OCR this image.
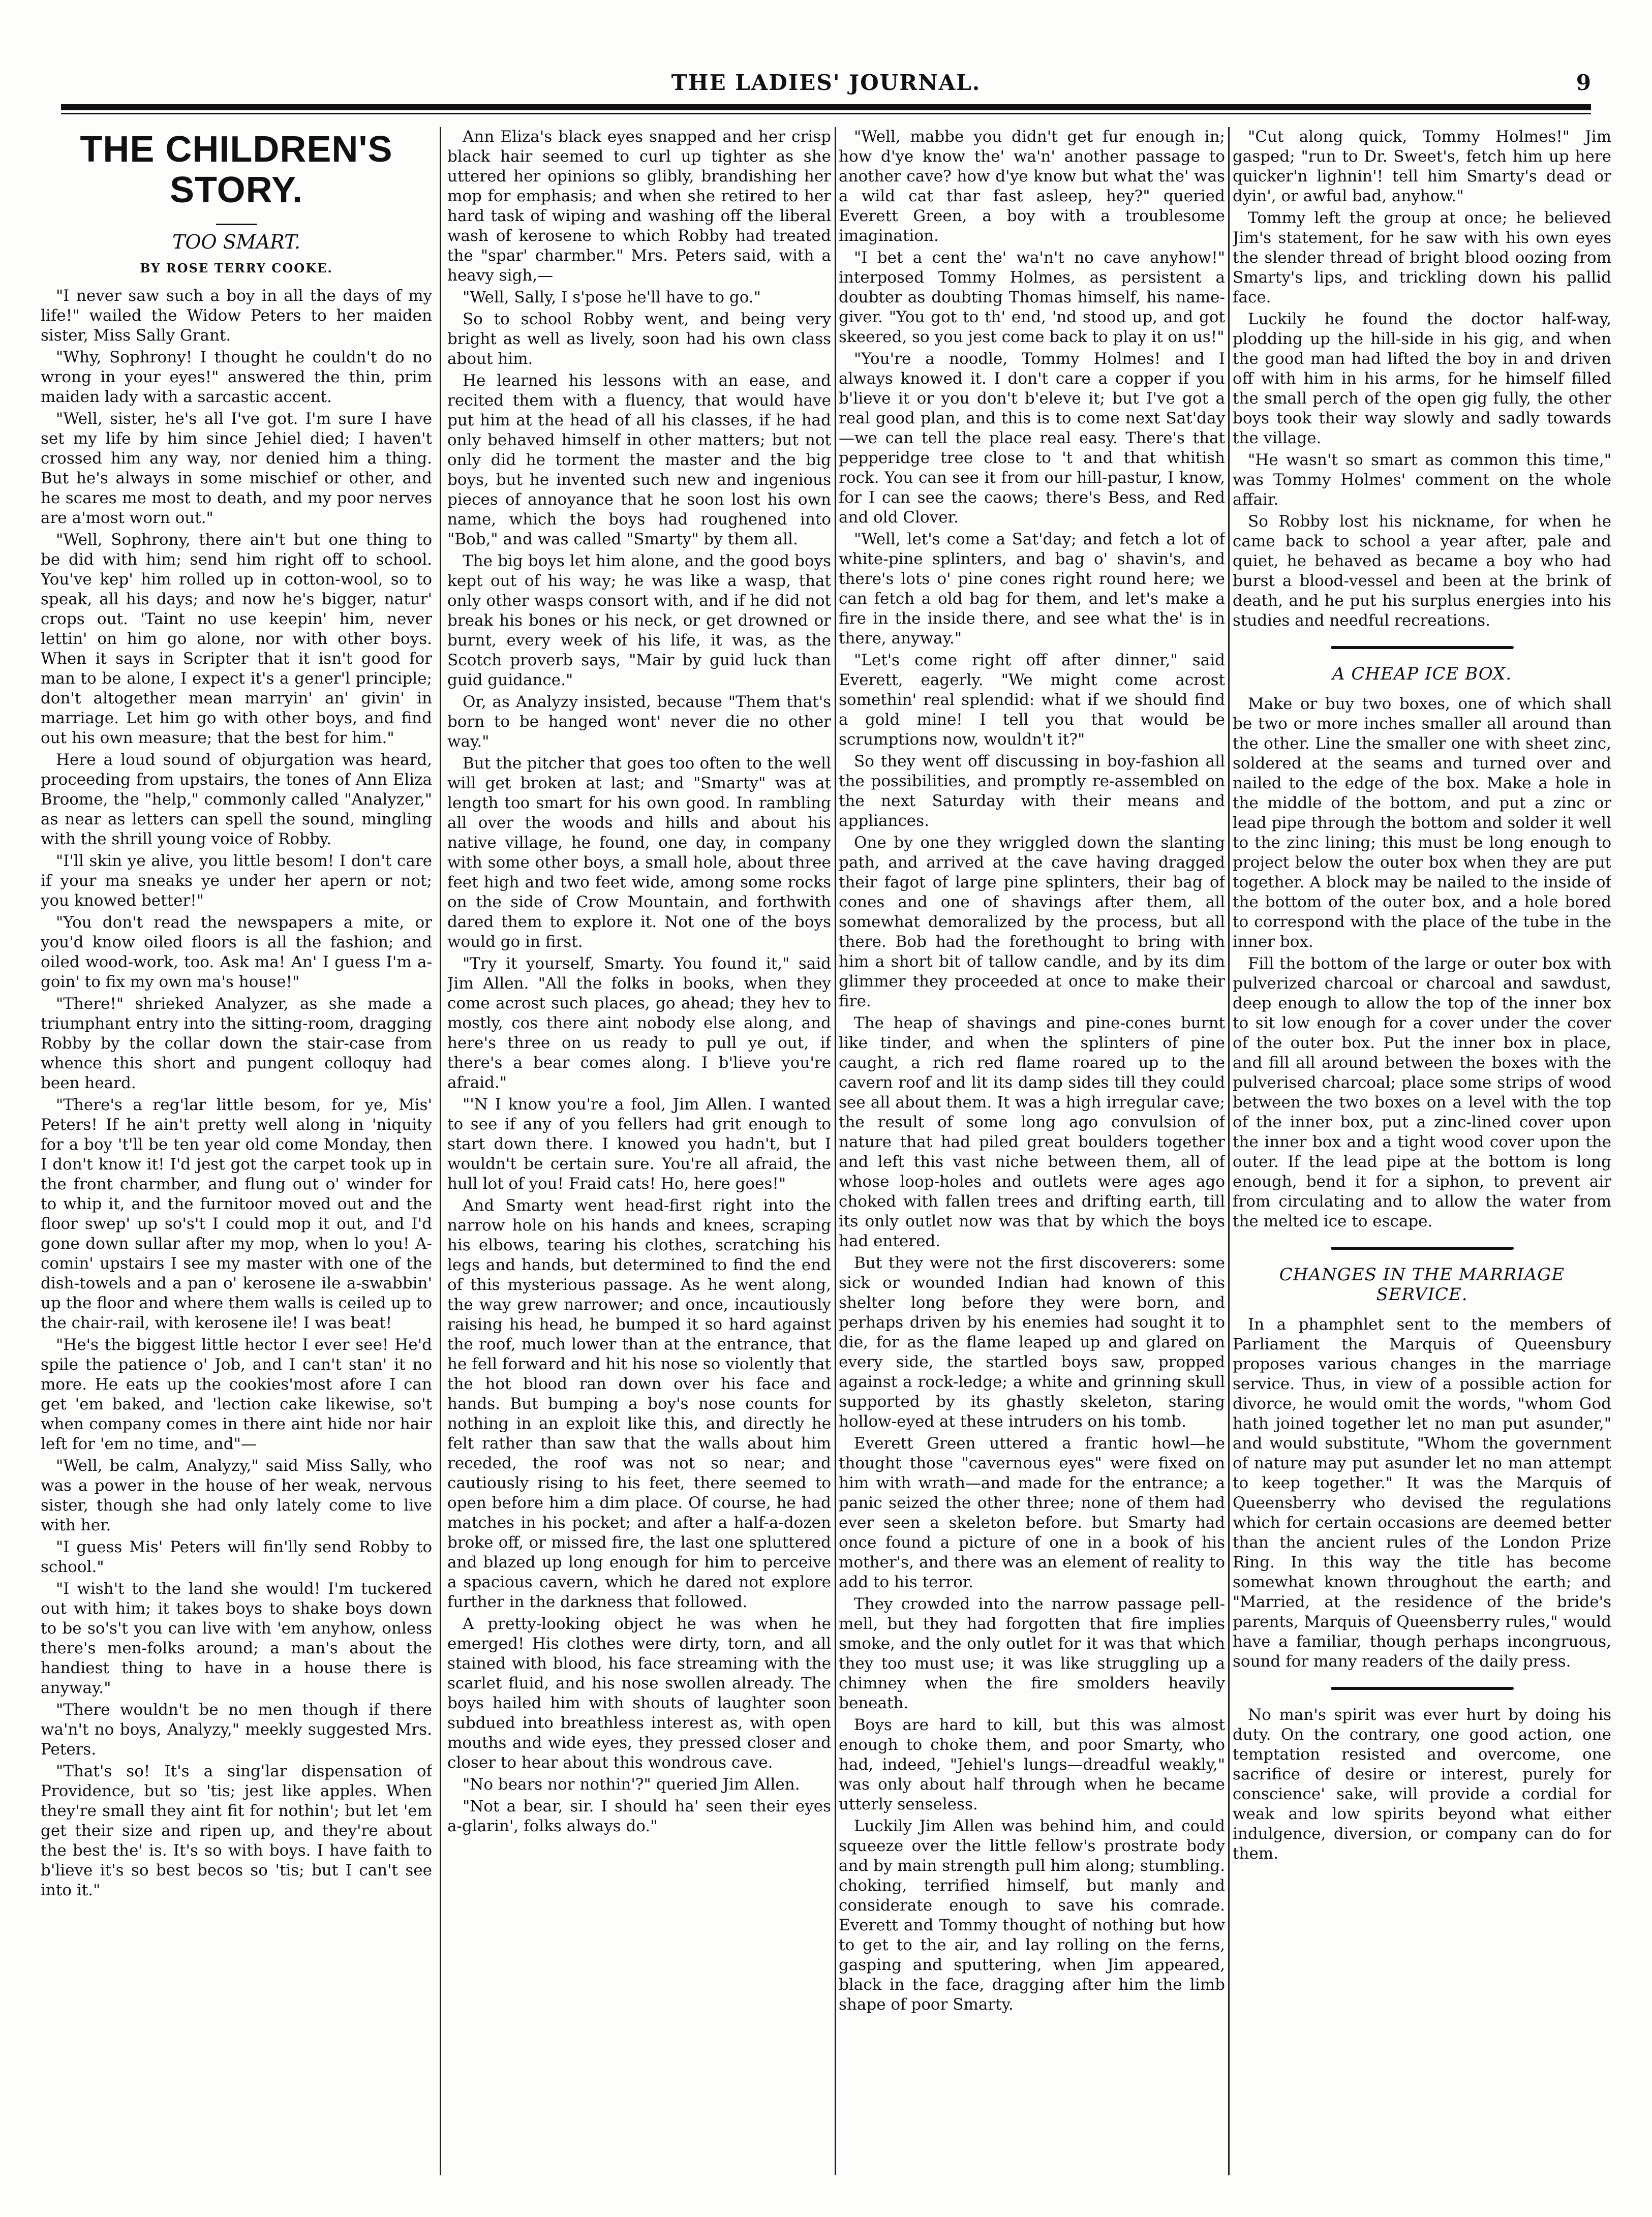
THE LADIES' JOURNAL.	9
THE CHILDREN'S STORY.
TOO SMART.
BY ROSE TERRY COOKE.

"I never saw such a boy in all the days of my life!" wailed the Widow Peters to her maiden sister, Miss Sally Grant.

"Why, Sophrony! I thought he couldn't do no wrong in your eyes!" answered the thin, prim maiden lady with a sarcastic accent.

"Well, sister, he's all I've got. I'm sure I have set my life by him since Jehiel died; I haven't crossed him any way, nor denied him a thing. But he's always in some mischief or other, and he scares me most to death, and my poor nerves are a'most worn out."

"Well, Sophrony, there ain't but one thing to be did with him; send him right off to school. You've kep' him rolled up in cotton-wool, so to speak, all his days; and now he's bigger, natur' crops out. 'Taint no use keepin' him, never lettin' on him go alone, nor with other boys. When it says in Scripter that it isn't good for man to be alone, I expect it's a gener'l principle; don't altogether mean marryin' an' givin' in marriage. Let him go with other boys, and find out his own measure; that the best for him."

Here a loud sound of objurgation was heard, proceeding from upstairs, the tones of Ann Eliza Broome, the "help," commonly called "Analyzer," as near as letters can spell the sound, mingling with the shrill young voice of Robby.

"I'll skin ye alive, you little besom! I don't care if your ma sneaks ye under her apern or not; you knowed better!"

"You don't read the newspapers a mite, or you'd know oiled floors is all the fashion; and oiled wood-work, too. Ask ma! An' I guess I'm a-goin' to fix my own ma's house!"

"There!" shrieked Analyzer, as she made a triumphant entry into the sitting-room, dragging Robby by the collar down the stair-case from whence this short and pungent colloquy had been heard.

"There's a reg'lar little besom, for ye, Mis' Peters! If he ain't pretty well along in 'niquity for a boy 't'll be ten year old come Monday, then I don't know it! I'd jest got the carpet took up in the front charmber, and flung out o' winder for to whip it, and the furnitoor moved out and the floor swep' up so's't I could mop it out, and I'd gone down sullar after my mop, when lo you! A-comin' upstairs I see my master with one of the dish-towels and a pan o' kerosene ile a-swabbin' up the floor and where them walls is ceiled up to the chair-rail, with kerosene ile! I was beat!

"He's the biggest little hector I ever see! He'd spile the patience o' Job, and I can't stan' it no more. He eats up the cookies'most afore I can get 'em baked, and 'lection cake likewise, so't when company comes in there aint hide nor hair left for 'em no time, and"—

"Well, be calm, Analyzy," said Miss Sally, who was a power in the house of her weak, nervous sister, though she had only lately come to live with her.

"I guess Mis' Peters will fin'lly send Robby to school."

"I wish't to the land she would! I'm tuckered out with him; it takes boys to shake boys down to be so's't you can live with 'em anyhow, onless there's men-folks around; a man's about the handiest thing to have in a house there is anyway."

"There wouldn't be no men though if there wa'n't no boys, Analyzy," meekly suggested Mrs. Peters.

"That's so! It's a sing'lar dispensation of Providence, but so 'tis; jest like apples. When they're small they aint fit for nothin'; but let 'em get their size and ripen up, and they're about the best the' is. It's so with boys. I have faith to b'lieve it's so best becos so 'tis; but I can't see into it."

Ann Eliza's black eyes snapped and her crisp black hair seemed to curl up tighter as she uttered her opinions so glibly, brandishing her mop for emphasis; and when she retired to her hard task of wiping and washing off the liberal wash of kerosene to which Robby had treated the "spar' charmber." Mrs. Peters said, with a heavy sigh,—

"Well, Sally, I s'pose he'll have to go."

So to school Robby went, and being very bright as well as lively, soon had his own class about him.

He learned his lessons with an ease, and recited them with a fluency, that would have put him at the head of all his classes, if he had only behaved himself in other matters; but not only did he torment the master and the big boys, but he invented such new and ingenious pieces of annoyance that he soon lost his own name, which the boys had roughened into "Bob," and was called "Smarty" by them all.

The big boys let him alone, and the good boys kept out of his way; he was like a wasp, that only other wasps consort with, and if he did not break his bones or his neck, or get drowned or burnt, every week of his life, it was, as the Scotch proverb says, "Mair by guid luck than guid guidance."

Or, as Analyzy insisted, because "Them that's born to be hanged wont' never die no other way."

But the pitcher that goes too often to the well will get broken at last; and "Smarty" was at length too smart for his own good. In rambling all over the woods and hills and about his native village, he found, one day, in company with some other boys, a small hole, about three feet high and two feet wide, among some rocks on the side of Crow Mountain, and forthwith dared them to explore it. Not one of the boys would go in first.

"Try it yourself, Smarty. You found it," said Jim Allen. "All the folks in books, when they come acrost such places, go ahead; they hev to mostly, cos there aint nobody else along, and here's three on us ready to pull ye out, if there's a bear comes along. I b'lieve you're afraid."

"'N I know you're a fool, Jim Allen. I wanted to see if any of you fellers had grit enough to start down there. I knowed you hadn't, but I wouldn't be certain sure. You're all afraid, the hull lot of you! Fraid cats! Ho, here goes!"

And Smarty went head-first right into the narrow hole on his hands and knees, scraping his elbows, tearing his clothes, scratching his legs and hands, but determined to find the end of this mysterious passage. As he went along, the way grew narrower; and once, incautiously raising his head, he bumped it so hard against the roof, much lower than at the entrance, that he fell forward and hit his nose so violently that the hot blood ran down over his face and hands. But bumping a boy's nose counts for nothing in an exploit like this, and directly he felt rather than saw that the walls about him receded, the roof was not so near; and cautiously rising to his feet, there seemed to open before him a dim place. Of course, he had matches in his pocket; and after a half-a-dozen broke off, or missed fire, the last one spluttered and blazed up long enough for him to perceive a spacious cavern, which he dared not explore further in the darkness that followed.

A pretty-looking object he was when he emerged! His clothes were dirty, torn, and all stained with blood, his face streaming with the scarlet fluid, and his nose swollen already. The boys hailed him with shouts of laughter soon subdued into breathless interest as, with open mouths and wide eyes, they pressed closer and closer to hear about this wondrous cave.

"No bears nor nothin'?" queried Jim Allen.

"Not a bear, sir. I should ha' seen their eyes a-glarin', folks always do."

"Well, mabbe you didn't get fur enough in; how d'ye know the' wa'n' another passage to another cave? how d'ye know but what the' was a wild cat thar fast asleep, hey?" queried Everett Green, a boy with a troublesome imagination.

"I bet a cent the' wa'n't no cave anyhow!" interposed Tommy Holmes, as persistent a doubter as doubting Thomas himself, his name-giver. "You got to th' end, 'nd stood up, and got skeered, so you jest come back to play it on us!"

"You're a noodle, Tommy Holmes! and I always knowed it. I don't care a copper if you b'lieve it or you don't b'eleve it; but I've got a real good plan, and this is to come next Sat'day—we can tell the place real easy. There's that pepperidge tree close to 't and that whitish rock. You can see it from our hill-pastur, I know, for I can see the caows; there's Bess, and Red and old Clover.

"Well, let's come a Sat'day; and fetch a lot of white-pine splinters, and bag o' shavin's, and there's lots o' pine cones right round here; we can fetch a old bag for them, and let's make a fire in the inside there, and see what the' is in there, anyway."

"Let's come right off after dinner," said Everett, eagerly. "We might come acrost somethin' real splendid: what if we should find a gold mine! I tell you that would be scrumptions now, wouldn't it?"

So they went off discussing in boy-fashion all the possibilities, and promptly re-assembled on the next Saturday with their means and appliances.

One by one they wriggled down the slanting path, and arrived at the cave having dragged their fagot of large pine splinters, their bag of cones and one of shavings after them, all somewhat demoralized by the process, but all there. Bob had the forethought to bring with him a short bit of tallow candle, and by its dim glimmer they proceeded at once to make their fire.

The heap of shavings and pine-cones burnt like tinder, and when the splinters of pine caught, a rich red flame roared up to the cavern roof and lit its damp sides till they could see all about them. It was a high irregular cave; the result of some long ago convulsion of nature that had piled great boulders together and left this vast niche between them, all of whose loop-holes and outlets were ages ago choked with fallen trees and drifting earth, till its only outlet now was that by which the boys had entered.

But they were not the first discoverers: some sick or wounded Indian had known of this shelter long before they were born, and perhaps driven by his enemies had sought it to die, for as the flame leaped up and glared on every side, the startled boys saw, propped against a rock-ledge; a white and grinning skull supported by its ghastly skeleton, staring hollow-eyed at these intruders on his tomb.

Everett Green uttered a frantic howl—he thought those "cavernous eyes" were fixed on him with wrath—and made for the entrance; a panic seized the other three; none of them had ever seen a skeleton before. but Smarty had once found a picture of one in a book of his mother's, and there was an element of reality to add to his terror.

They crowded into the narrow passage pell-mell, but they had forgotten that fire implies smoke, and the only outlet for it was that which they too must use; it was like struggling up a chimney when the fire smolders heavily beneath.

Boys are hard to kill, but this was almost enough to choke them, and poor Smarty, who had, indeed, "Jehiel's lungs—dreadful weakly," was only about half through when he became utterly senseless.

Luckily Jim Allen was behind him, and could squeeze over the little fellow's prostrate body and by main strength pull him along; stumbling. choking, terrified himself, but manly and considerate enough to save his comrade. Everett and Tommy thought of nothing but how to get to the air, and lay rolling on the ferns, gasping and sputtering, when Jim appeared, black in the face, dragging after him the limb shape of poor Smarty.

"Cut along quick, Tommy Holmes!" Jim gasped; "run to Dr. Sweet's, fetch him up here quicker'n lighnin'! tell him Smarty's dead or dyin', or awful bad, anyhow."

Tommy left the group at once; he believed Jim's statement, for he saw with his own eyes the slender thread of bright blood oozing from Smarty's lips, and trickling down his pallid face.

Luckily he found the doctor half-way, plodding up the hill-side in his gig, and when the good man had lifted the boy in and driven off with him in his arms, for he himself filled the small perch of the open gig fully, the other boys took their way slowly and sadly towards the village.

"He wasn't so smart as common this time," was Tommy Holmes' comment on the whole affair.

So Robby lost his nickname, for when he came back to school a year after, pale and quiet, he behaved as became a boy who had burst a blood-vessel and been at the brink of death, and he put his surplus energies into his studies and needful recreations.

A CHEAP ICE BOX.

Make or buy two boxes, one of which shall be two or more inches smaller all around than the other. Line the smaller one with sheet zinc, soldered at the seams and turned over and nailed to the edge of the box. Make a hole in the middle of the bottom, and put a zinc or lead pipe through the bottom and solder it well to the zinc lining; this must be long enough to project below the outer box when they are put together. A block may be nailed to the inside of the bottom of the outer box, and a hole bored to correspond with the place of the tube in the inner box.

Fill the bottom of the large or outer box with pulverized charcoal or charcoal and sawdust, deep enough to allow the top of the inner box to sit low enough for a cover under the cover of the outer box. Put the inner box in place, and fill all around between the boxes with the pulverised charcoal; place some strips of wood between the two boxes on a level with the top of the inner box, put a zinc-lined cover upon the inner box and a tight wood cover upon the outer. If the lead pipe at the bottom is long enough, bend it for a siphon, to prevent air from circulating and to allow the water from the melted ice to escape.

CHANGES IN THE MARRIAGE SERVICE.

In a phamphlet sent to the members of Parliament the Marquis of Queensbury proposes various changes in the marriage service. Thus, in view of a possible action for divorce, he would omit the words, "whom God hath joined together let no man put asunder," and would substitute, "Whom the government of nature may put asunder let no man attempt to keep together." It was the Marquis of Queensberry who devised the regulations which for certain occasions are deemed better than the ancient rules of the London Prize Ring. In this way the title has become somewhat known throughout the earth; and "Married, at the residence of the bride's parents, Marquis of Queensberry rules," would have a familiar, though perhaps incongruous, sound for many readers of the daily press.

No man's spirit was ever hurt by doing his duty. On the contrary, one good action, one temptation resisted and overcome, one sacrifice of desire or interest, purely for conscience' sake, will provide a cordial for weak and low spirits beyond what either indulgence, diversion, or company can do for them.
